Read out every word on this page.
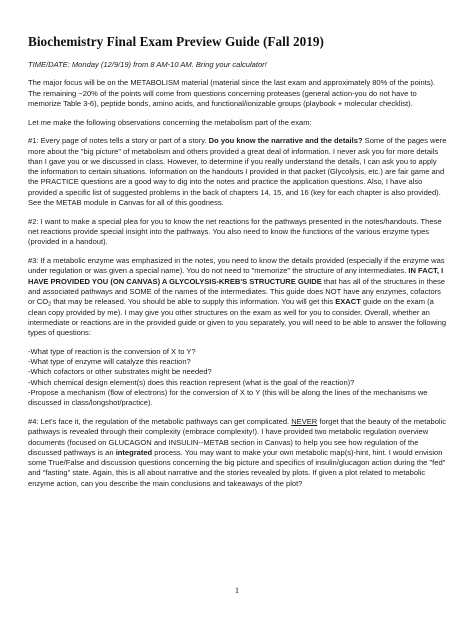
Biochemistry Final Exam Preview Guide (Fall 2019)

TIME/DATE: Monday (12/9/19) from 8 AM-10 AM. Bring your calculator!

The major focus will be on the METABOLISM material (material since the last exam and approximately 80% of the points). The remaining ~20% of the points will come from questions concerning proteases (general action-you do not have to memorize Table 3-6), peptide bonds, amino acids, and functional/ionizable groups (playbook + molecular checklist).

Let me make the following observations concerning the metabolism part of the exam:

#1: Every page of notes tells a story or part of a story. Do you know the narrative and the details? Some of the pages were more about the "big picture" of metabolism and others provided a great deal of information. I never ask you for more details than I gave you or we discussed in class. However, to determine if you really understand the details, I can ask you to apply the information to certain situations. Information on the handouts I provided in that packet (Glycolysis, etc.) are fair game and the PRACTICE questions are a good way to dig into the notes and practice the application questions. Also, I have also provided a specific list of suggested problems in the back of chapters 14, 15, and 16 (key for each chapter is also provided). See the METAB module in Canvas for all of this goodness.

#2: I want to make a special plea for you to know the net reactions for the pathways presented in the notes/handouts. These net reactions provide special insight into the pathways. You also need to know the functions of the various enzyme types (provided in a handout).

#3: If a metabolic enzyme was emphasized in the notes, you need to know the details provided (especially if the enzyme was under regulation or was given a special name). You do not need to "memorize" the structure of any intermediates. IN FACT, I HAVE PROVIDED YOU (ON CANVAS) A GLYCOLYSIS-KREB'S STRUCTURE GUIDE that has all of the structures in these and associated pathways and SOME of the names of the intermediates. This guide does NOT have any enzymes, cofactors or $CO_2$ that may be released. You should be able to supply this information. You will get this EXACT guide on the exam (a clean copy provided by me). I may give you other structures on the exam as well for you to consider. Overall, whether an intermediate or reactions are in the provided guide or given to you separately, you will need to be able to answer the following types of questions:

-What type of reaction is the conversion of X to Y?
-What type of enzyme will catalyze this reaction?
-Which cofactors or other substrates might be needed?
-Which chemical design element(s) does this reaction represent (what is the goal of the reaction)?
-Propose a mechanism (flow of electrons) for the conversion of X to Y (this will be along the lines of the mechanisms we discussed in class/longshot/practice).

#4: Let's face it, the regulation of the metabolic pathways can get complicated. NEVER forget that the beauty of the metabolic pathways is revealed through their complexity (embrace complexity!). I have provided two metabolic regulation overview documents (focused on GLUCAGON and INSULIN--METAB section in Canvas) to help you see how regulation of the discussed pathways is an integrated process. You may want to make your own metabolic map(s)-hint, hint. I would envision some True/False and discussion questions concerning the big picture and specifics of insulin/glucagon action during the "fed" and "fasting" state. Again, this is all about narrative and the stories revealed by plots. If given a plot related to metabolic enzyme action, can you describe the main conclusions and takeaways of the plot?

1
